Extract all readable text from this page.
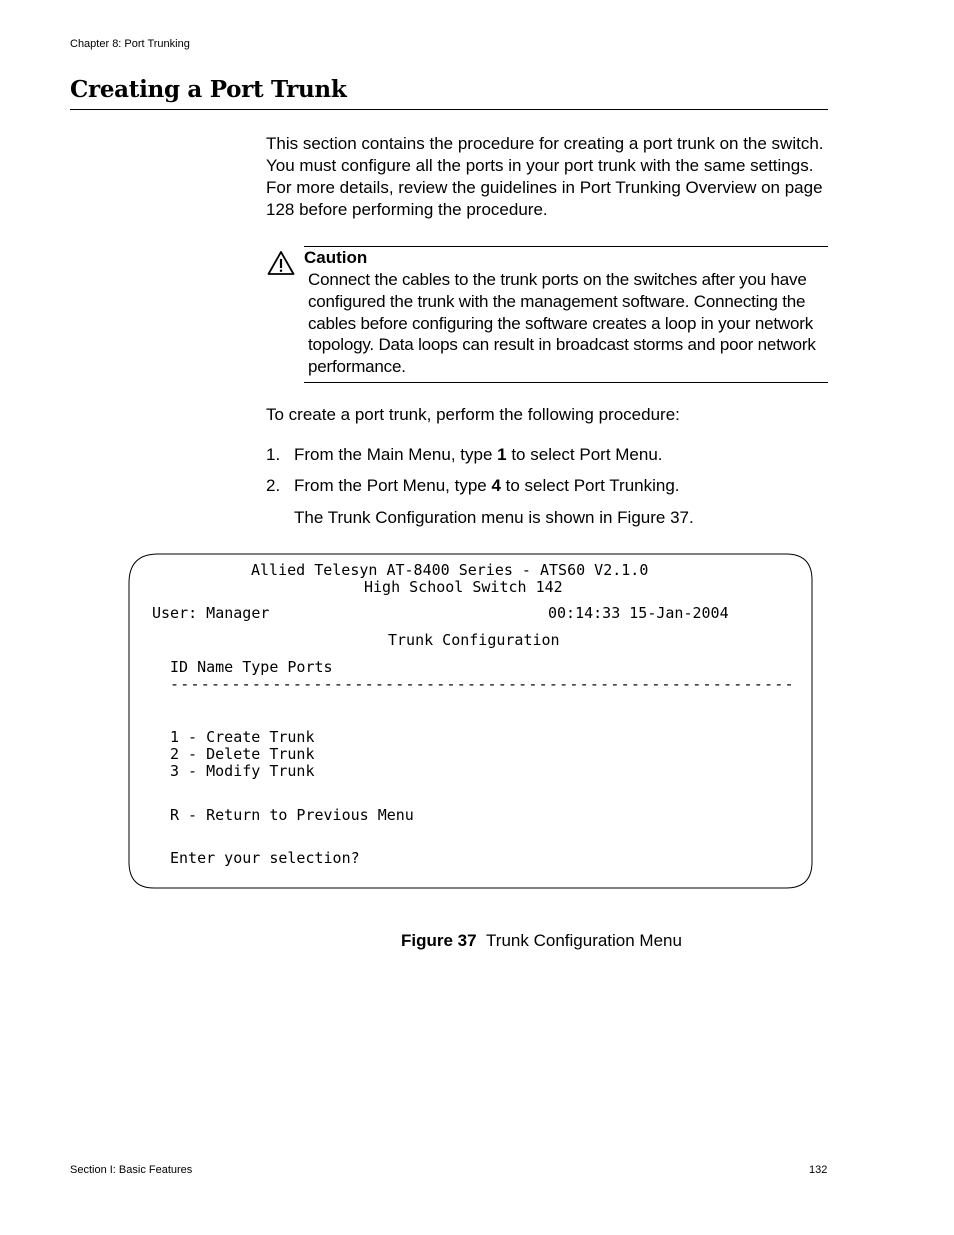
Chapter 8: Port Trunking
Creating a Port Trunk
This section contains the procedure for creating a port trunk on the switch. You must configure all the ports in your port trunk with the same settings. For more details, review the guidelines in Port Trunking Overview on page 128 before performing the procedure.
Caution
Connect the cables to the trunk ports on the switches after you have configured the trunk with the management software. Connecting the cables before configuring the software creates a loop in your network topology. Data loops can result in broadcast storms and poor network performance.
To create a port trunk, perform the following procedure:
1. From the Main Menu, type 1 to select Port Menu.
2. From the Port Menu, type 4 to select Port Trunking.
The Trunk Configuration menu is shown in Figure 37.
Allied Telesyn AT-8400 Series - ATS60 V2.1.0
High School Switch 142
User: Manager	00:14:33 15-Jan-2004
Trunk Configuration
ID Name Type Ports
-------------------------------------------------------------
1 - Create Trunk
2 - Delete Trunk
3 - Modify Trunk
R - Return to Previous Menu
Enter your selection?
Figure 37 Trunk Configuration Menu
Section I: Basic Features	132
